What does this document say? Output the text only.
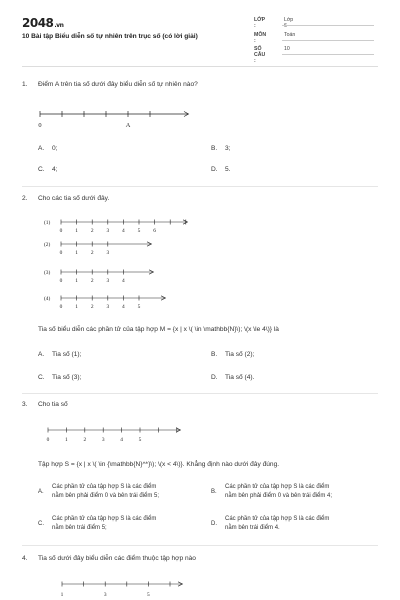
2048.vn
10 Bài tập Biểu diễn số tự nhiên trên trục số (có lời giải)
LỚP :
Lớp 6
MÔN :
Toán
SỐ CÂU :
10
1. Điểm A trên tia số dưới đây biểu diễn số tự nhiên nào?
0	A
A. 0;	B. 3;
C. 4;	D. 5.
2. Cho các tia số dưới đây.
(1)
0 1 2 3 4 5 6
(2)
0 1 2 3
(3)
0 1 2 3 4
(4)
0 1 2 3 4 5
Tia số biểu diễn các phần tử của tập hợp M = {x | x \( \in \mathbb{N}\); \(x \le 4\)} là
A. Tia số (1);	B. Tia số (2);
C. Tia số (3);	D. Tia số (4).
3. Cho tia số
0	1	2	3	4	5
Tập hợp S = {x | x \( \in {\mathbb{N}^*}\); \(x < 4\)}. Khẳng định nào dưới đây đúng.
A.
Các phần tử của tập hợp S là các điểm
nằm bên phải điểm 0 và bên trái điểm 5;
B.
Các phần tử của tập hợp S là các điểm
nằm bên phải điểm 0 và bên trái điểm 4;
C.
Các phần tử của tập hợp S là các điểm
nằm bên trái điểm 5;
D.
Các phần tử của tập hợp S là các điểm
nằm bên trái điểm 4.
4. Tia số dưới đây biểu diễn các điểm thuộc tập hợp nào
1	3	5
